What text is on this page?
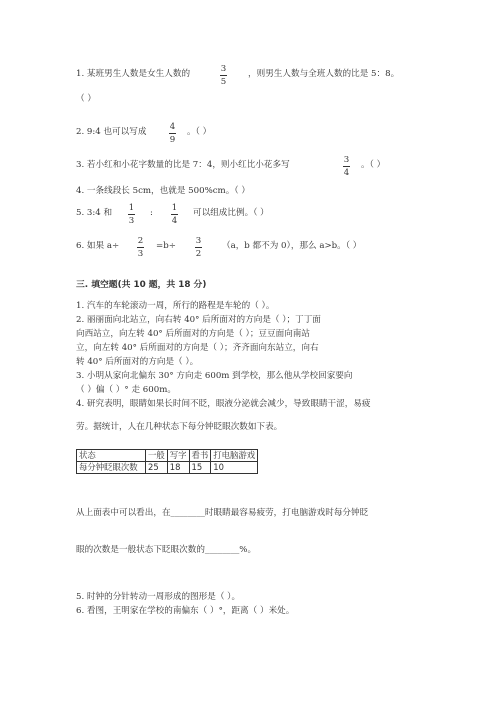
1. 某班男生人数是女生人数的	3
5
，则男生人数与全班人数的比是 5：8。
（ ）
2. 9:4 也可以写成	4
9
。（ ）
3. 若小红和小花字数量的比是 7：4，则小红比小花多写	3
4
。（ ）
4. 一条线段长 5cm，也就是 500%cm。（ ）
5. 3:4 和 1
3
: 1
4
可以组成比例。（ ）
6. 如果 a÷ 2
3
=b÷ 3
2
（a，b 都不为 0），那么 a>b。（ ）
三. 填空题(共 10 题，共 18 分)
1. 汽车的车轮滚动一周，所行的路程是车轮的（ ）。
2. 丽丽面向北站立，向右转 40° 后所面对的方向是（ ）；丁丁面
向西站立，向左转 40° 后所面对的方向是（ ）；豆豆面向南站
立，向左转 40° 后所面对的方向是（ ）；齐齐面向东站立，向右
转 40° 后所面对的方向是（ ）。
3. 小明从家向北偏东 30° 方向走 600m 到学校，那么他从学校回家要向
（ ）偏（ ）° 走 600m。
4. 研究表明，眼睛如果长时间不眨，眼液分泌就会减少，导致眼睛干涩，易疲
劳。据统计，人在几种状态下每分钟眨眼次数如下表。
状态	一般	写字	看书	打电脑游戏
每分钟眨眼次数	25	18	15	10
从上面表中可以看出，在________时眼睛最容易疲劳，打电脑游戏时每分钟眨
眼的次数是一般状态下眨眼次数的________%。
5. 时钟的分针转动一周形成的图形是（ ）。
6. 看图，王明家在学校的南偏东（ ）°，距离（ ）米处。
